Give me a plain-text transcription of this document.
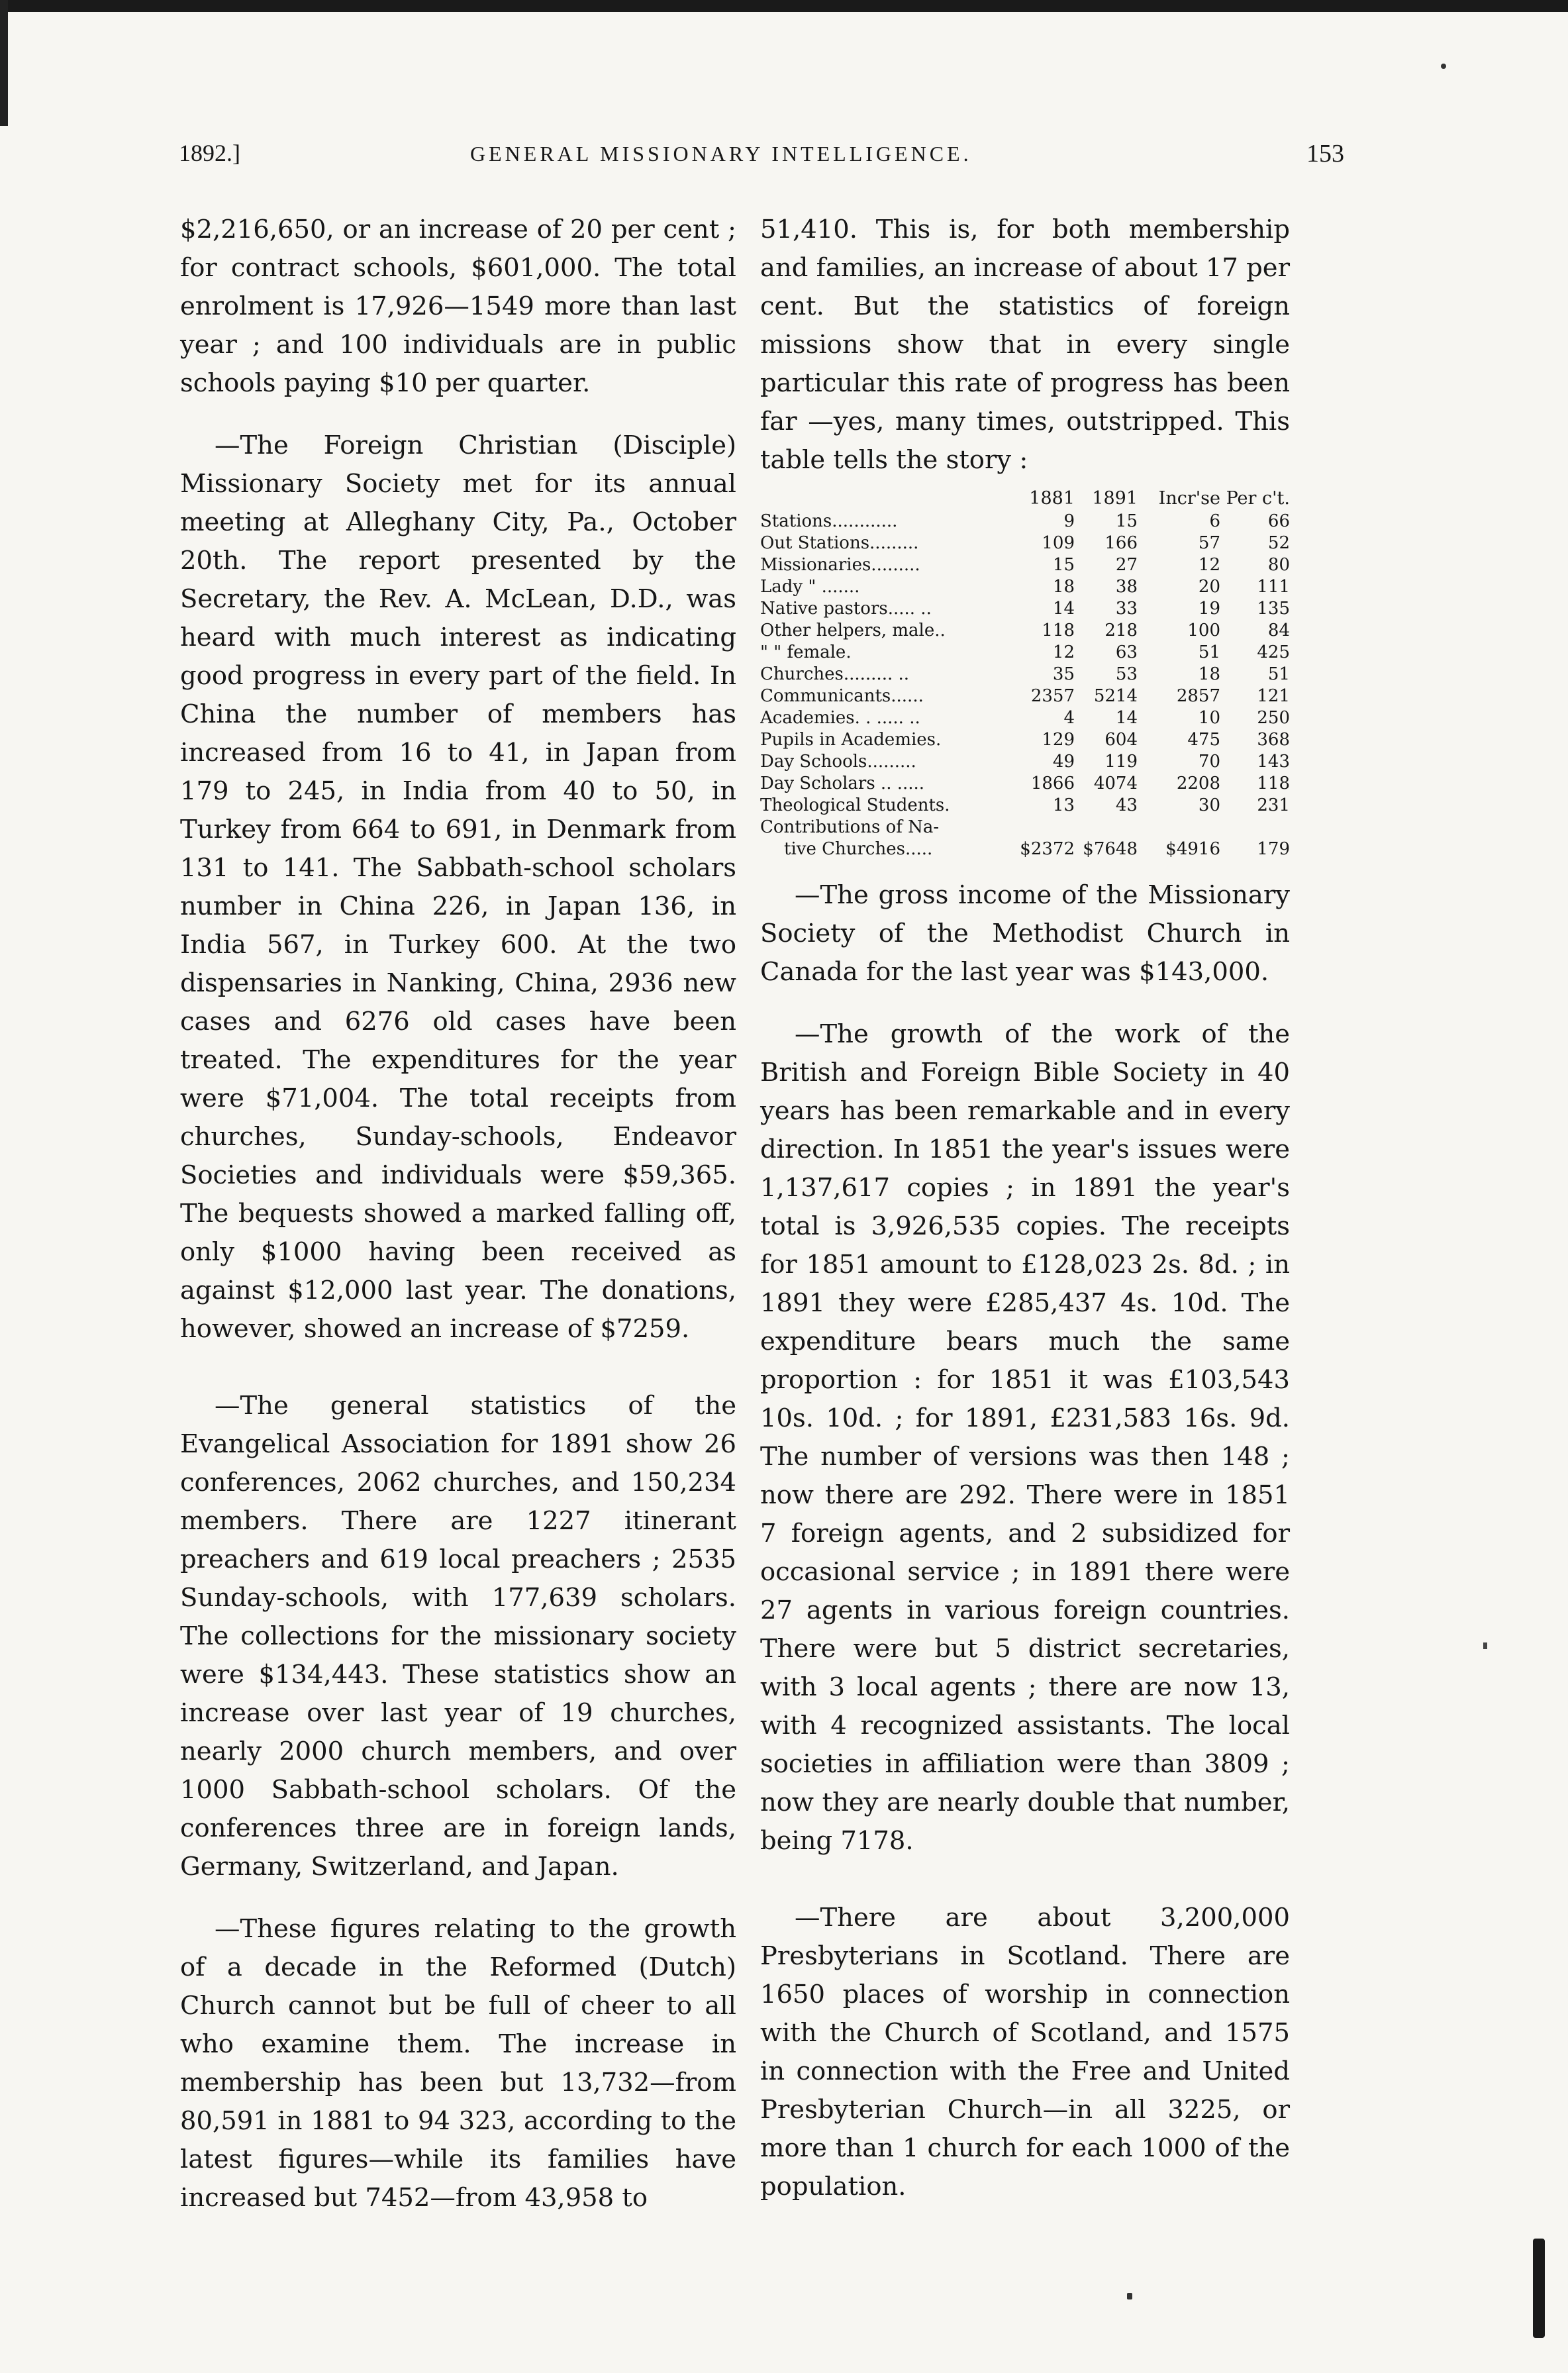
1892.]	GENERAL MISSIONARY INTELLIGENCE.	153

$2,216,650, or an increase of 20 per cent ; for contract schools, $601,000. The total enrolment is 17,926—1549 more than last year ; and 100 individuals are in public schools paying $10 per quarter.

—The Foreign Christian (Disciple) Missionary Society met for its annual meeting at Alleghany City, Pa., October 20th. The report presented by the Secretary, the Rev. A. McLean, D.D., was heard with much interest as indicating good progress in every part of the field. In China the number of members has increased from 16 to 41, in Japan from 179 to 245, in India from 40 to 50, in Turkey from 664 to 691, in Denmark from 131 to 141. The Sabbath-school scholars number in China 226, in Japan 136, in India 567, in Turkey 600. At the two dispensaries in Nanking, China, 2936 new cases and 6276 old cases have been treated. The expenditures for the year were $71,004. The total receipts from churches, Sunday-schools, Endeavor Societies and individuals were $59,365. The bequests showed a marked falling off, only $1000 having been received as against $12,000 last year. The donations, however, showed an increase of $7259.

—The general statistics of the Evangelical Association for 1891 show 26 conferences, 2062 churches, and 150,234 members. There are 1227 itinerant preachers and 619 local preachers ; 2535 Sunday-schools, with 177,639 scholars. The collections for the missionary society were $134,443. These statistics show an increase over last year of 19 churches, nearly 2000 church members, and over 1000 Sabbath-school scholars. Of the conferences three are in foreign lands, Germany, Switzerland, and Japan.

—These figures relating to the growth of a decade in the Reformed (Dutch) Church cannot but be full of cheer to all who examine them. The increase in membership has been but 13,732—from 80,591 in 1881 to 94 323, according to the latest figures—while its families have increased but 7452—from 43,958 to

51,410. This is, for both membership and families, an increase of about 17 per cent. But the statistics of foreign missions show that in every single particular this rate of progress has been far —yes, many times, outstripped. This table tells the story :

1881 1891	Incr'se Per c't.
Stations............	9	15	6	66
Out Stations.........	109	166	57	52
Missionaries.........	15	27	12	80
Lady " .......	18	38	20	111
Native pastors..... ..	14	33	19	135
Other helpers, male..	118	218	100	84
" " female.	12	63	51	425
Churches......... ..	35	53	18	51
Communicants......	2357	5214	2857	121
Academies. . ..... ..	4	14	10	250
Pupils in Academies.	129	604	475	368
Day Schools.........	49	119	70	143
Day Scholars .. .....	1866	4074	2208	118
Theological Students.	13	43	30	231
Contributions of Na-
tive Churches.....	$2372 $7648	$4916	179

—The gross income of the Missionary Society of the Methodist Church in Canada for the last year was $143,000.

—The growth of the work of the British and Foreign Bible Society in 40 years has been remarkable and in every direction. In 1851 the year's issues were 1,137,617 copies ; in 1891 the year's total is 3,926,535 copies. The receipts for 1851 amount to £128,023 2s. 8d. ; in 1891 they were £285,437 4s. 10d. The expenditure bears much the same proportion : for 1851 it was £103,543 10s. 10d. ; for 1891, £231,583 16s. 9d. The number of versions was then 148 ; now there are 292. There were in 1851 7 foreign agents, and 2 subsidized for occasional service ; in 1891 there were 27 agents in various foreign countries. There were but 5 district secretaries, with 3 local agents ; there are now 13, with 4 recognized assistants. The local societies in affiliation were than 3809 ; now they are nearly double that number, being 7178.

—There are about 3,200,000 Presbyterians in Scotland. There are 1650 places of worship in connection with the Church of Scotland, and 1575 in connection with the Free and United Presbyterian Church—in all 3225, or more than 1 church for each 1000 of the population.
